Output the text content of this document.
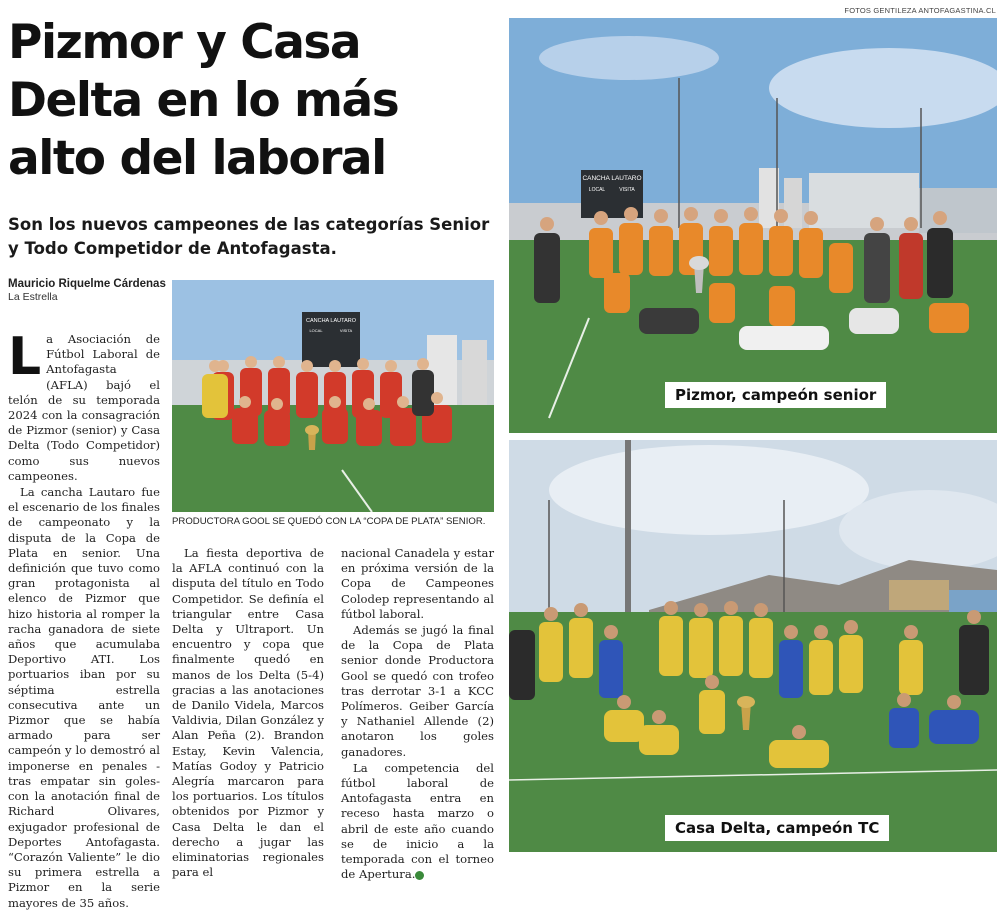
FOTOS GENTILEZA ANTOFAGASTINA.CL
Pizmor y Casa Delta en lo más alto del laboral
Son los nuevos campeones de las categorías Senior y Todo Competidor de Antofagasta.
Mauricio Riquelme Cárdenas
La Estrella

La Asociación de Fútbol Laboral de Antofagasta (AFLA) bajó el telón de su temporada 2024 con la consagración de Pizmor (senior) y Casa Delta (Todo Competidor) como sus nuevos campeones.

La cancha Lautaro fue el escenario de los finales de campeonato y la disputa de la Copa de Plata en senior. Una definición que tuvo como gran protagonista al elenco de Pizmor que hizo historia al romper la racha ganadora de siete años que acumulaba Deportivo ATI. Los portuarios iban por su séptima estrella consecutiva ante un Pizmor que se había armado para ser campeón y lo demostró al imponerse en penales -tras empatar sin goles- con la anotación final de Richard Olivares, exjugador profesional de Deportes Antofagasta. “Corazón Valiente” le dio su primera estrella a Pizmor en la serie mayores de 35 años.

CANCHA LAUTARO
LOCAL	VISITA
PRODUCTORA GOOL SE QUEDÓ CON LA “COPA DE PLATA” SENIOR.

La fiesta deportiva de la AFLA continuó con la disputa del título en Todo Competidor. Se definía el triangular entre Casa Delta y Ultraport. Un encuentro y copa que finalmente quedó en manos de los Delta (5-4) gracias a las anotaciones de Danilo Videla, Marcos Valdivia, Dilan González y Alan Peña (2). Brandon Estay, Kevin Valencia, Matías Godoy y Patricio Alegría marcaron para los portuarios. Los títulos obtenidos por Pizmor y Casa Delta le dan el derecho a jugar las eliminatorias regionales para el

nacional Canadela y estar en próxima versión de la Copa de Campeones Colodep representando al fútbol laboral.

Además se jugó la final de la Copa de Plata senior donde Productora Gool se quedó con trofeo tras derrotar 3-1 a KCC Polímeros. Geiber García y Nathaniel Allende (2) anotaron los goles ganadores.

La competencia del fútbol laboral de Antofagasta entra en receso hasta marzo o abril de este año cuando se de inicio a la temporada con el torneo de Apertura. ✪

CANCHA LAUTARO
LOCAL	VISITA
Pizmor, campeón senior
Casa Delta, campeón TC
